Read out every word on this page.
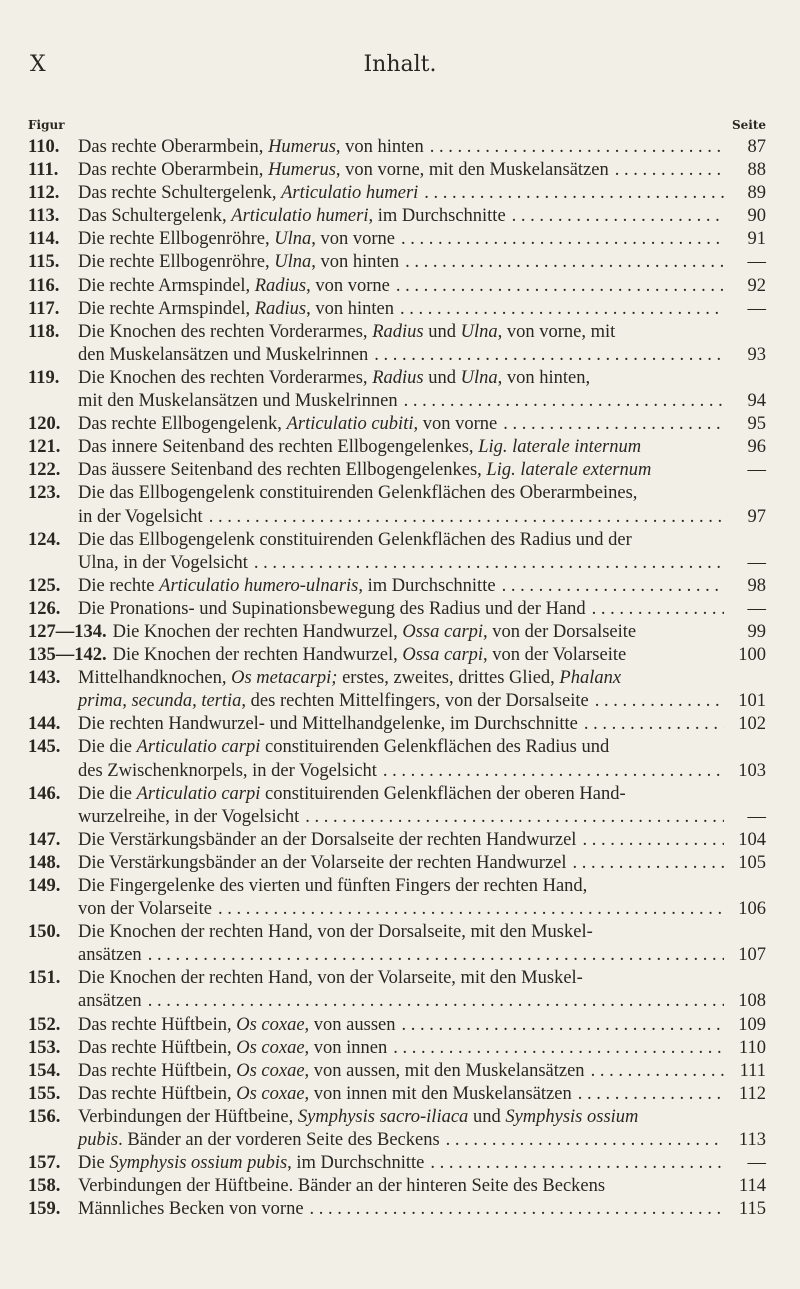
X	Inhalt.
Figur	Seite
110.	Das rechte Oberarmbein, Humerus, von hinten . . .	87
111.	Das rechte Oberarmbein, Humerus, von vorne, mit den Muskelansätzen . . .	88
112.	Das rechte Schultergelenk, Articulatio humeri . . .	89
113.	Das Schultergelenk, Articulatio humeri, im Durchschnitte . . .	90
114.	Die rechte Ellbogenröhre, Ulna, von vorne . . .	91
115.	Die rechte Ellbogenröhre, Ulna, von hinten . . .	—
116.	Die rechte Armspindel, Radius, von vorne . . .	92
117.	Die rechte Armspindel, Radius, von hinten . . .	—
118.	Die Knochen des rechten Vorderarmes, Radius und Ulna, von vorne, mit
den Muskelansätzen und Muskelrinnen . . .	93
119.	Die Knochen des rechten Vorderarmes, Radius und Ulna, von hinten,
mit den Muskelansätzen und Muskelrinnen . . .	94
120. Das rechte Ellbogengelenk, Articulatio cubiti, von vorne . . .	95
121. Das innere Seitenband des rechten Ellbogengelenkes, Lig. laterale internum	96
122. Das äussere Seitenband des rechten Ellbogengelenkes, Lig. laterale externum	—
123. Die das Ellbogengelenk constituirenden Gelenkflächen des Oberarmbeines,
in der Vogelsicht . . .	97
124. Die das Ellbogengelenk constituirenden Gelenkflächen des Radius und der
Ulna, in der Vogelsicht . . .	—
125. Die rechte Articulatio humero-ulnaris, im Durchschnitte . . .	98
126. Die Pronations- und Supinationsbewegung des Radius und der Hand . . .	—
127—134. Die Knochen der rechten Handwurzel, Ossa carpi, von der Dorsalseite	99
135—142. Die Knochen der rechten Handwurzel, Ossa carpi, von der Volarseite	100
143. Mittelhandknochen, Os metacarpi; erstes, zweites, drittes Glied, Phalanx
prima, secunda, tertia, des rechten Mittelfingers, von der Dorsalseite . . .	101
144. Die rechten Handwurzel- und Mittelhandgelenke, im Durchschnitte . . .	102
145. Die die Articulatio carpi constituirenden Gelenkflächen des Radius und
des Zwischenknorpels, in der Vogelsicht . . .	103
146. Die die Articulatio carpi constituirenden Gelenkflächen der oberen Hand-
wurzelreihe, in der Vogelsicht . . .	—
147. Die Verstärkungsbänder an der Dorsalseite der rechten Handwurzel . . .	104
148. Die Verstärkungsbänder an der Volarseite der rechten Handwurzel . . .	105
149. Die Fingergelenke des vierten und fünften Fingers der rechten Hand,
von der Volarseite . . .	106
150. Die Knochen der rechten Hand, von der Dorsalseite, mit den Muskel-
ansätzen . . .	107
151. Die Knochen der rechten Hand, von der Volarseite, mit den Muskel-
ansätzen . . .	108
152. Das rechte Hüftbein, Os coxae, von aussen . . .	109
153. Das rechte Hüftbein, Os coxae, von innen . . .	110
154. Das rechte Hüftbein, Os coxae, von aussen, mit den Muskelansätzen . . .	111
155. Das rechte Hüftbein, Os coxae, von innen mit den Muskelansätzen . . .	112
156. Verbindungen der Hüftbeine, Symphysis sacro-iliaca und Symphysis ossium
pubis. Bänder an der vorderen Seite des Beckens . . .	113
157. Die Symphysis ossium pubis, im Durchschnitte . . .	—
158. Verbindungen der Hüftbeine. Bänder an der hinteren Seite des Beckens	114
159. Männliches Becken von vorne . . .	115
